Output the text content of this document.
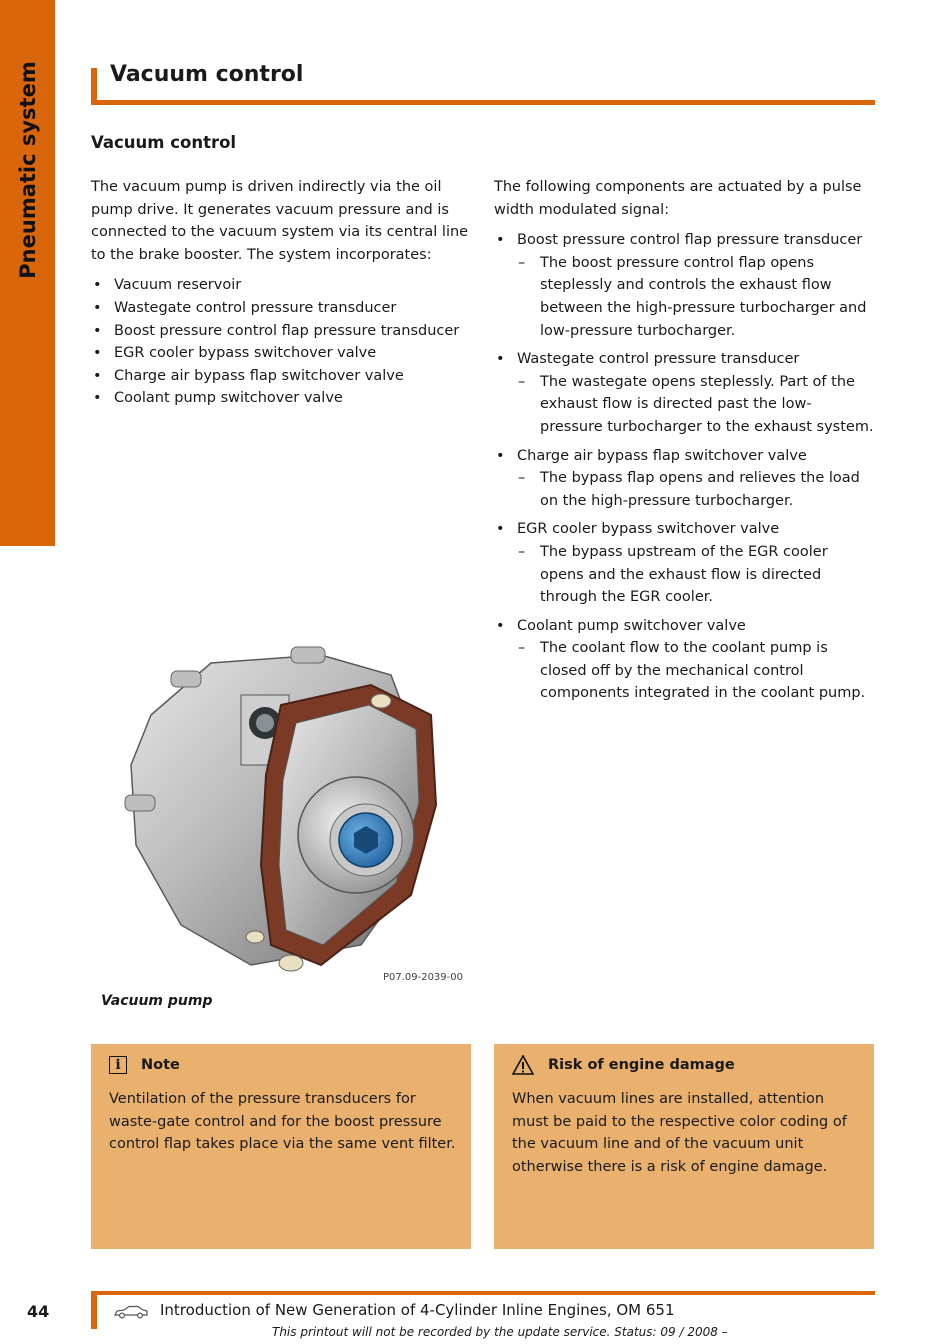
Pneumatic system	Vacuum control
Vacuum control

The vacuum pump is driven indirectly via the oil pump drive. It generates vacuum pressure and is connected to the vacuum system via its central line to the brake booster. The system incorporates:

• Vacuum reservoir
• Wastegate control pressure transducer
• Boost pressure control flap pressure transducer
• EGR cooler bypass switchover valve
• Charge air bypass flap switchover valve
• Coolant pump switchover valve

The following components are actuated by a pulse width modulated signal:

• Boost pressure control flap pressure transducer
– The boost pressure control flap opens steplessly and controls the exhaust flow between the high-pressure turbocharger and low-pressure turbocharger.
• Wastegate control pressure transducer
– The wastegate opens steplessly. Part of the exhaust flow is directed past the low-pressure turbocharger to the exhaust system.
• Charge air bypass flap switchover valve
– The bypass flap opens and relieves the load on the high-pressure turbocharger.
• EGR cooler bypass switchover valve
– The bypass upstream of the EGR cooler opens and the exhaust flow is directed through the EGR cooler.
• Coolant pump switchover valve
– The coolant flow to the coolant pump is closed off by the mechanical control components integrated in the coolant pump.
P07.09-2039-00
Vacuum pump
i	Note
Ventilation of the pressure transducers for waste-gate control and for the boost pressure control flap takes place via the same vent filter.
Risk of engine damage
When vacuum lines are installed, attention must be paid to the respective color coding of the vacuum line and of the vacuum unit otherwise there is a risk of engine damage.
44	Introduction of New Generation of 4-Cylinder Inline Engines, OM 651
This printout will not be recorded by the update service. Status: 09 / 2008 –
